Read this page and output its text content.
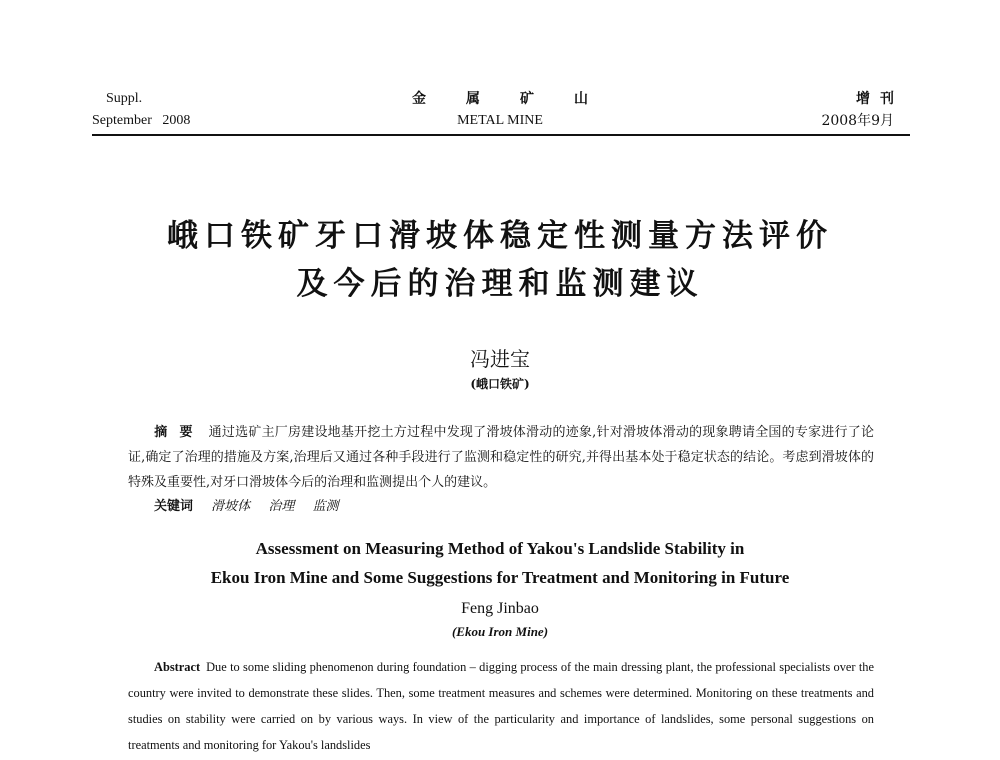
Suppl.
September   2008
金属矿山
METAL MINE
增刊
2008年9月
峨口铁矿牙口滑坡体稳定性测量方法评价
及今后的治理和监测建议
冯进宝
(峨口铁矿)
摘要 通过选矿主厂房建设地基开挖土方过程中发现了滑坡体滑动的迹象,针对滑坡体滑动的现象聘请全国的专家进行了论证,确定了治理的措施及方案,治理后又通过各种手段进行了监测和稳定性的研究,并得出基本处于稳定状态的结论。考虑到滑坡体的特殊及重要性,对牙口滑坡体今后的治理和监测提出个人的建议。
关键词 滑坡体 治理 监测
Assessment on Measuring Method of Yakou's Landslide Stability in
Ekou Iron Mine and Some Suggestions for Treatment and Monitoring in Future
Feng Jinbao
(Ekou Iron Mine)
Abstract Due to some sliding phenomenon during foundation – digging process of the main dressing plant, the professional specialists over the country were invited to demonstrate these slides. Then, some treatment measures and schemes were determined. Monitoring on these treatments and studies on stability were carried on by various ways. In view of the particularity and importance of landslides, some personal suggestions on treatments and monitoring for Yakou's landslides
